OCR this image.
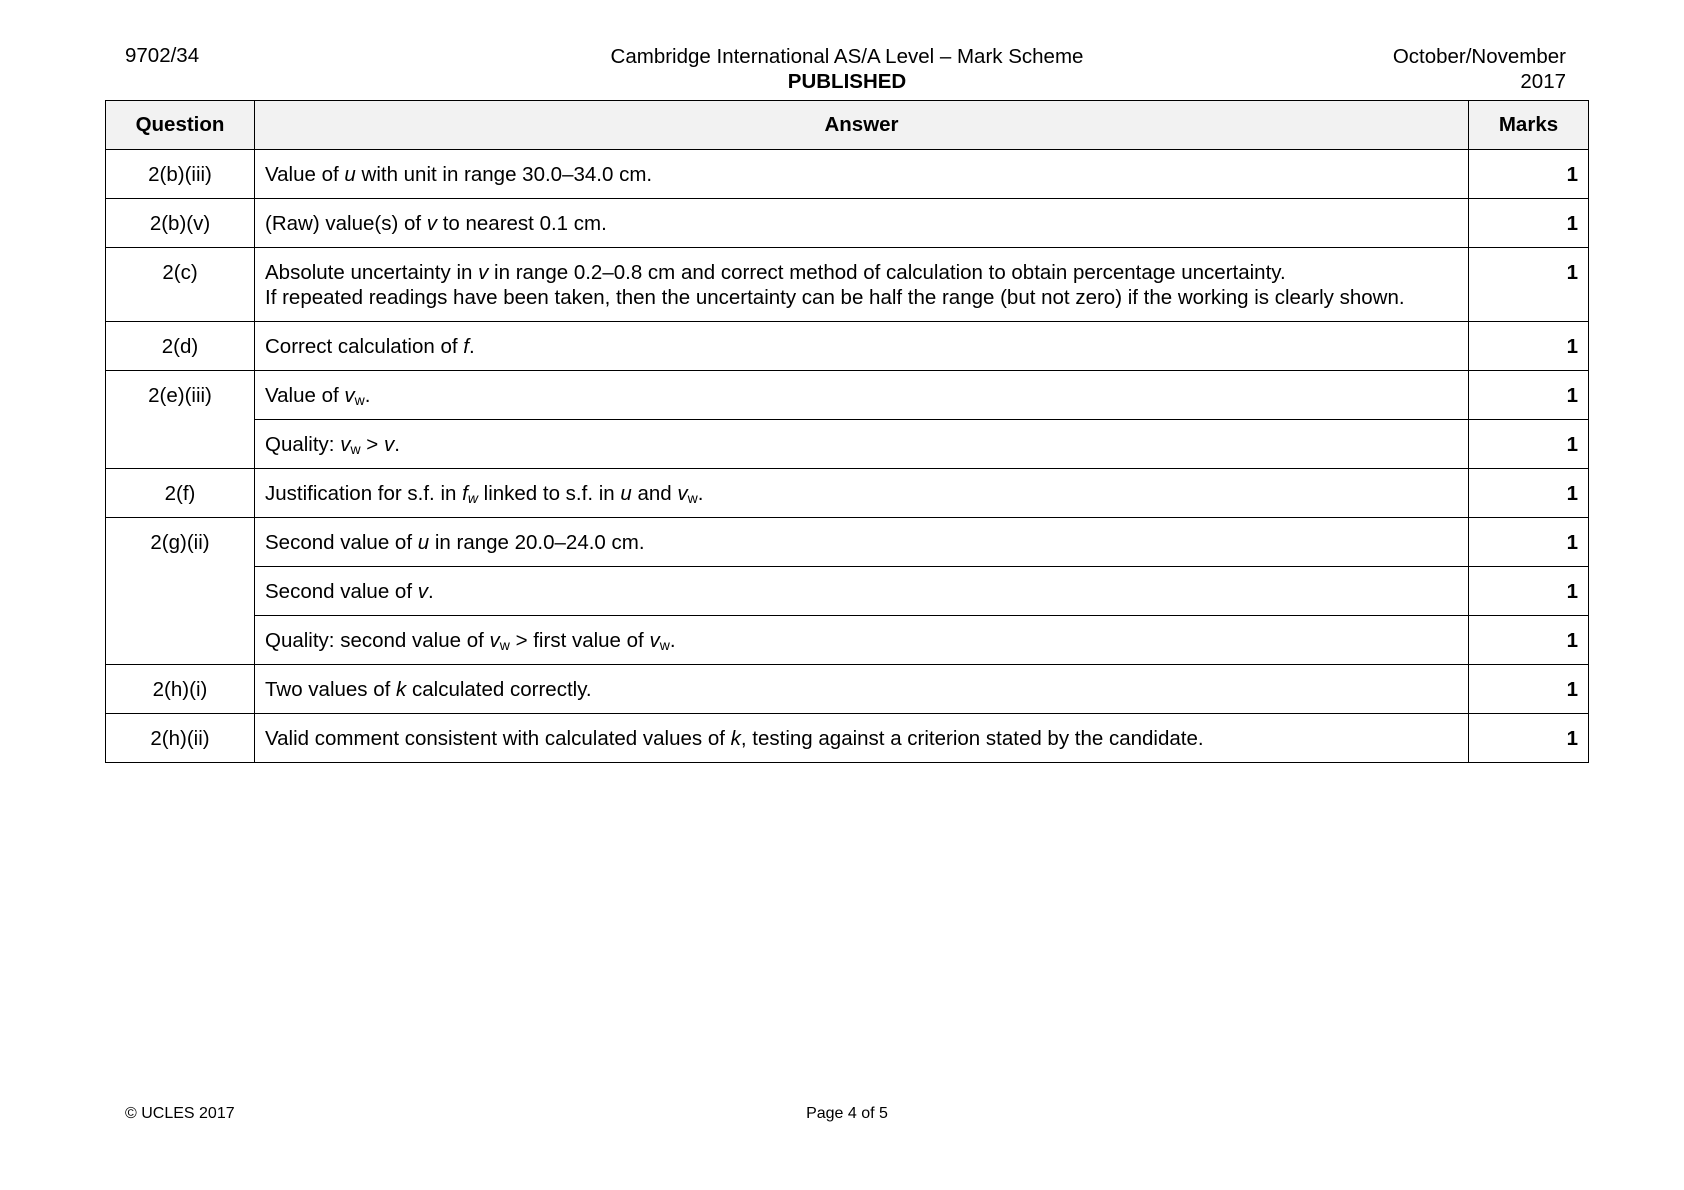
9702/34	Cambridge International AS/A Level – Mark Scheme
PUBLISHED
October/November
2017
Question	Answer	Marks
2(b)(iii)	Value of u with unit in range 30.0–34.0 cm.	1
2(b)(v)	(Raw) value(s) of v to nearest 0.1 cm.	1
2(c)	Absolute uncertainty in v in range 0.2–0.8 cm and correct method of calculation to obtain percentage uncertainty.
If repeated readings have been taken, then the uncertainty can be half the range (but not zero) if the working is clearly shown.	1
2(d)	Correct calculation of f.	1
2(e)(iii)	Value of $v_w$.	1
	Quality: $v_w > v$.	1
2(f)	Justification for s.f. in $f_w$ linked to s.f. in u and $v_w$.	1
2(g)(ii)	Second value of u in range 20.0–24.0 cm.	1
	Second value of v.	1
	Quality: second value of $v_w$ > first value of $v_w$.	1
2(h)(i)	Two values of k calculated correctly.	1
2(h)(ii)	Valid comment consistent with calculated values of k, testing against a criterion stated by the candidate.	1
© UCLES 2017	Page 4 of 5
